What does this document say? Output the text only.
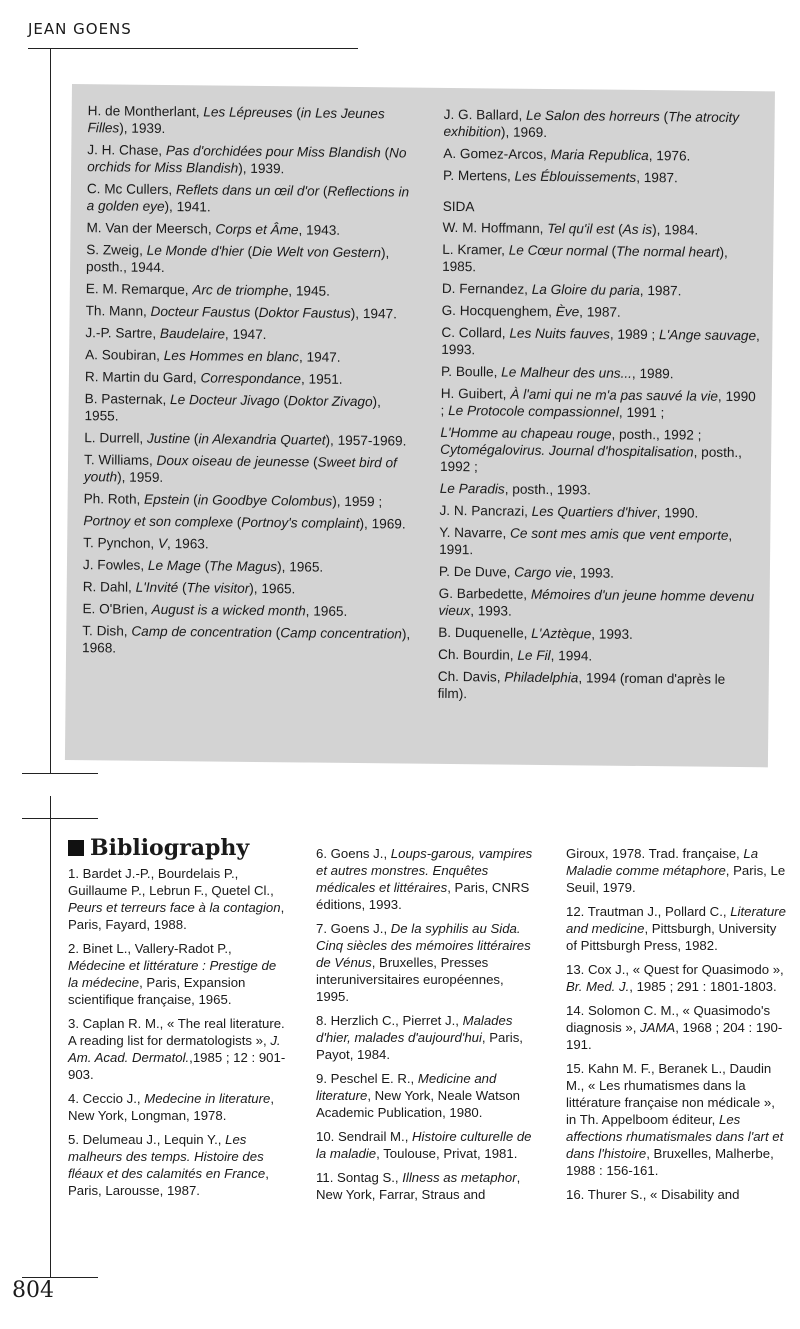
JEAN GOENS
H. de Montherlant, Les Lépreuses (in Les Jeunes Filles), 1939.
J. H. Chase, Pas d'orchidées pour Miss Blandish (No orchids for Miss Blandish), 1939.
C. Mc Cullers, Reflets dans un œil d'or (Reflections in a golden eye), 1941.
M. Van der Meersch, Corps et Âme, 1943.
S. Zweig, Le Monde d'hier (Die Welt von Gestern), posth., 1944.
E. M. Remarque, Arc de triomphe, 1945.
Th. Mann, Docteur Faustus (Doktor Faustus), 1947.
J.-P. Sartre, Baudelaire, 1947.
A. Soubiran, Les Hommes en blanc, 1947.
R. Martin du Gard, Correspondance, 1951.
B. Pasternak, Le Docteur Jivago (Doktor Zivago), 1955.
L. Durrell, Justine (in Alexandria Quartet), 1957-1969.
T. Williams, Doux oiseau de jeunesse (Sweet bird of youth), 1959.
Ph. Roth, Epstein (in Goodbye Colombus), 1959 ;
Portnoy et son complexe (Portnoy's complaint), 1969.
T. Pynchon, V, 1963.
J. Fowles, Le Mage (The Magus), 1965.
R. Dahl, L'Invité (The visitor), 1965.
E. O'Brien, August is a wicked month, 1965.
T. Dish, Camp de concentration (Camp concentration), 1968.
J. G. Ballard, Le Salon des horreurs (The atrocity exhibition), 1969.
A. Gomez-Arcos, Maria Republica, 1976.
P. Mertens, Les Éblouissements, 1987.
SIDA
W. M. Hoffmann, Tel qu'il est (As is), 1984.
L. Kramer, Le Cœur normal (The normal heart), 1985.
D. Fernandez, La Gloire du paria, 1987.
G. Hocquenghem, Ève, 1987.
C. Collard, Les Nuits fauves, 1989 ; L'Ange sauvage, 1993.
P. Boulle, Le Malheur des uns..., 1989.
H. Guibert, À l'ami qui ne m'a pas sauvé la vie, 1990 ; Le Protocole compassionnel, 1991 ;
L'Homme au chapeau rouge, posth., 1992 ; Cytomégalovirus. Journal d'hospitalisation, posth., 1992 ;
Le Paradis, posth., 1993.
J. N. Pancrazi, Les Quartiers d'hiver, 1990.
Y. Navarre, Ce sont mes amis que vent emporte, 1991.
P. De Duve, Cargo vie, 1993.
G. Barbedette, Mémoires d'un jeune homme devenu vieux, 1993.
B. Duquenelle, L'Aztèque, 1993.
Ch. Bourdin, Le Fil, 1994.
Ch. Davis, Philadelphia, 1994 (roman d'après le film).
Bibliography
1. Bardet J.-P., Bourdelais P., Guillaume P., Lebrun F., Quetel Cl., Peurs et terreurs face à la contagion, Paris, Fayard, 1988.
2. Binet L., Vallery-Radot P., Médecine et littérature : Prestige de la médecine, Paris, Expansion scientifique française, 1965.
3. Caplan R. M., « The real literature. A reading list for dermatologists », J. Am. Acad. Dermatol.,1985 ; 12 : 901-903.
4. Ceccio J., Medecine in literature, New York, Longman, 1978.
5. Delumeau J., Lequin Y., Les malheurs des temps. Histoire des fléaux et des calamités en France, Paris, Larousse, 1987.
6. Goens J., Loups-garous, vampires et autres monstres. Enquêtes médicales et littéraires, Paris, CNRS éditions, 1993.
7. Goens J., De la syphilis au Sida. Cinq siècles des mémoires littéraires de Vénus, Bruxelles, Presses interuniversitaires européennes, 1995.
8. Herzlich C., Pierret J., Malades d'hier, malades d'aujourd'hui, Paris, Payot, 1984.
9. Peschel E. R., Medicine and literature, New York, Neale Watson Academic Publication, 1980.
10. Sendrail M., Histoire culturelle de la maladie, Toulouse, Privat, 1981.
11. Sontag S., Illness as metaphor, New York, Farrar, Straus and
Giroux, 1978. Trad. française, La Maladie comme métaphore, Paris, Le Seuil, 1979.
12. Trautman J., Pollard C., Literature and medicine, Pittsburgh, University of Pittsburgh Press, 1982.
13. Cox J., « Quest for Quasimodo », Br. Med. J., 1985 ; 291 : 1801-1803.
14. Solomon C. M., « Quasimodo's diagnosis », JAMA, 1968 ; 204 : 190-191.
15. Kahn M. F., Beranek L., Daudin M., « Les rhumatismes dans la littérature française non médicale », in Th. Appelboom éditeur, Les affections rhumatismales dans l'art et dans l'histoire, Bruxelles, Malherbe, 1988 : 156-161.
16. Thurer S., « Disability and
804
